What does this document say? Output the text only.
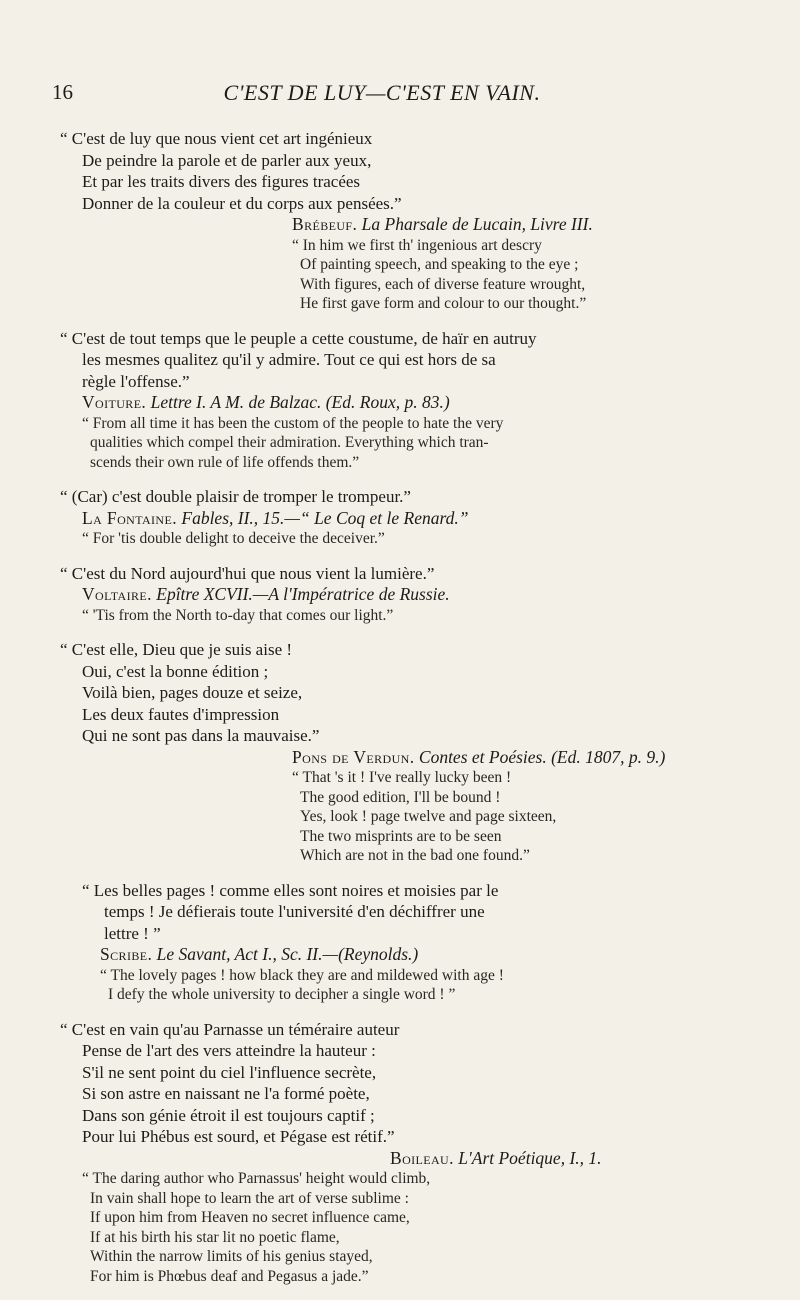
16	C'EST DE LUY—C'EST EN VAIN.
“ C'est de luy que nous vient cet art ingénieux
De peindre la parole et de parler aux yeux,
Et par les traits divers des figures tracées
Donner de la couleur et du corps aux pensées.”
Brébeuf. La Pharsale de Lucain, Livre III.
“ In him we first th' ingenious art descry
Of painting speech, and speaking to the eye ;
With figures, each of diverse feature wrought,
He first gave form and colour to our thought.”
“ C'est de tout temps que le peuple a cette coustume, de haïr en autruy
les mesmes qualitez qu'il y admire. Tout ce qui est hors de sa
règle l'offense.”
Voiture. Lettre I. A M. de Balzac. (Ed. Roux, p. 83.)
“ From all time it has been the custom of the people to hate the very
qualities which compel their admiration. Everything which tran-
scends their own rule of life offends them.”
“ (Car) c'est double plaisir de tromper le trompeur.”
La Fontaine. Fables, II., 15.—“ Le Coq et le Renard.”
“ For 'tis double delight to deceive the deceiver.”
“ C'est du Nord aujourd'hui que nous vient la lumière.”
Voltaire. Epître XCVII.—A l'Impératrice de Russie.
“ 'Tis from the North to-day that comes our light.”
“ C'est elle, Dieu que je suis aise !
Oui, c'est la bonne édition ;
Voilà bien, pages douze et seize,
Les deux fautes d'impression
Qui ne sont pas dans la mauvaise.”
Pons de Verdun. Contes et Poésies. (Ed. 1807, p. 9.)
“ That 's it ! I've really lucky been !
The good edition, I'll be bound !
Yes, look ! page twelve and page sixteen,
The two misprints are to be seen
Which are not in the bad one found.”
“ Les belles pages ! comme elles sont noires et moisies par le
temps ! Je défierais toute l'université d'en déchiffrer une
lettre ! ”
Scribe. Le Savant, Act I., Sc. II.—(Reynolds.)
“ The lovely pages ! how black they are and mildewed with age !
I defy the whole university to decipher a single word ! ”
“ C'est en vain qu'au Parnasse un téméraire auteur
Pense de l'art des vers atteindre la hauteur :
S'il ne sent point du ciel l'influence secrète,
Si son astre en naissant ne l'a formé poète,
Dans son génie étroit il est toujours captif ;
Pour lui Phébus est sourd, et Pégase est rétif.”
Boileau. L'Art Poétique, I., 1.
“ The daring author who Parnassus' height would climb,
In vain shall hope to learn the art of verse sublime :
If upon him from Heaven no secret influence came,
If at his birth his star lit no poetic flame,
Within the narrow limits of his genius stayed,
For him is Phœbus deaf and Pegasus a jade.”
